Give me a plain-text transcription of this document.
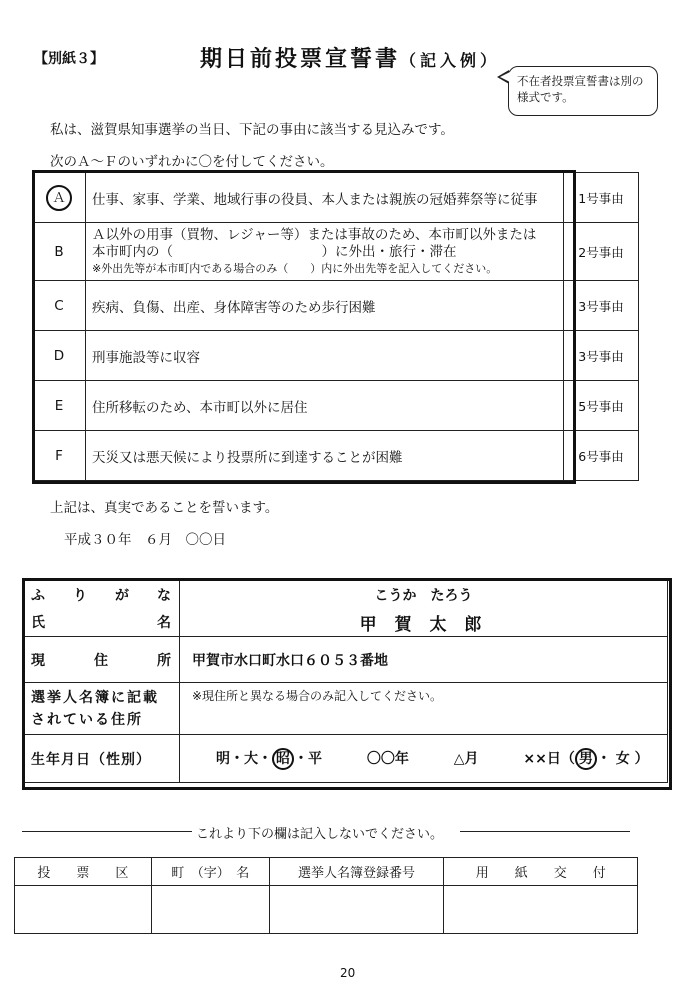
【別紙３】	期日前投票宣誓書（記入例）
不在者投票宣誓書は別の様式です。
私は、滋賀県知事選挙の当日、下記の事由に該当する見込みです。
次のＡ～Ｆのいずれかに〇を付してください。
Ａ	仕事、家事、学業、地域行事の役員、本人または親族の冠婚葬祭等に従事	1号事由
B	Ａ以外の用事（買物、レジャー等）または事故のため、本市町以外または
本市町内の（　　　　　　　　　　　）に外出・旅行・滞在
※外出先等が本市町内である場合のみ（　　）内に外出先等を記入してください。	2号事由
C	疾病、負傷、出産、身体障害等のため歩行困難	3号事由
D	刑事施設等に収容	3号事由
E	住所移転のため、本市町以外に居住	5号事由
F	天災又は悪天候により投票所に到達することが困難	6号事由
上記は、真実であることを誓います。
平成３０年　６月　〇〇日
ふ り が な	こうか　たろう

氏 名	甲 賀 太 郎

現 住 所	甲賀市水口町水口６０５３番地

選挙人名簿に記載
されている住所	※現住所と異なる場合のみ記入してください。
生年月日（性別）	明・大・ 昭 ・平 〇〇年 △月 ××日（ 男 ・ 女 ）
これより下の欄は記入しないでください。
投　　票　　区	町　（字）　名	選挙人名簿登録番号	用　　紙　　交　　付

20
